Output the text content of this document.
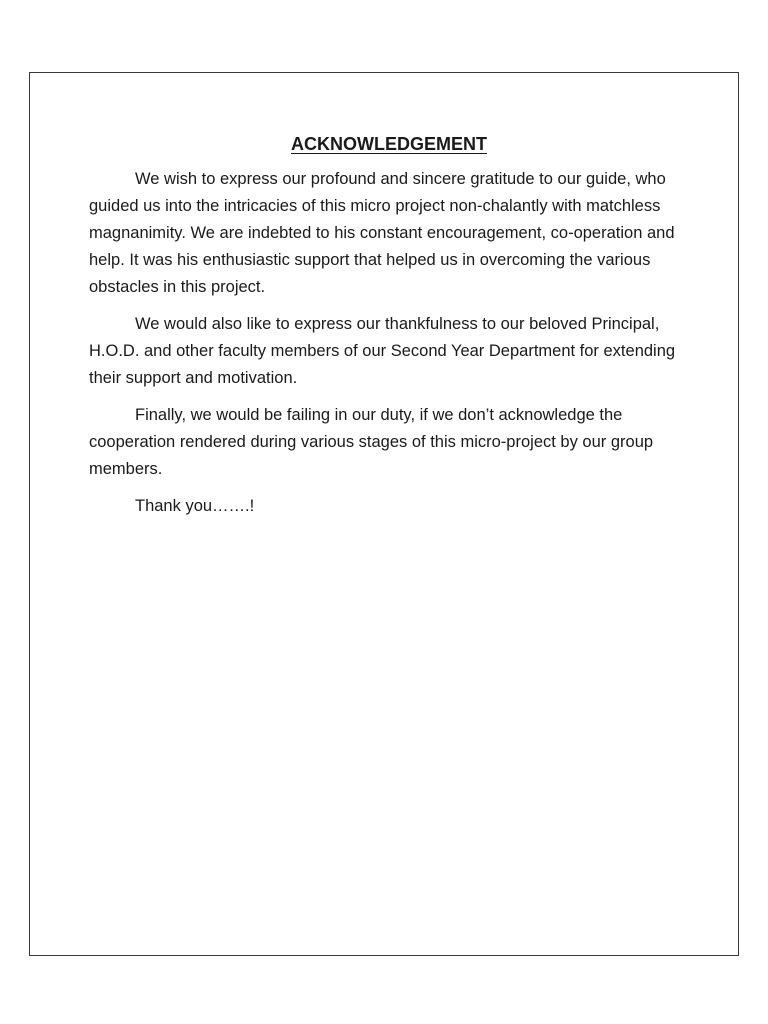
ACKNOWLEDGEMENT

We wish to express our profound and sincere gratitude to our guide, who guided us into the intricacies of this micro project non-chalantly with matchless magnanimity. We are indebted to his constant encouragement, co-operation and help. It was his enthusiastic support that helped us in overcoming the various obstacles in this project.

We would also like to express our thankfulness to our beloved Principal, H.O.D. and other faculty members of our Second Year Department for extending their support and motivation.

Finally, we would be failing in our duty, if we don’t acknowledge the cooperation rendered during various stages of this micro-project by our group members.

Thank you…….!
